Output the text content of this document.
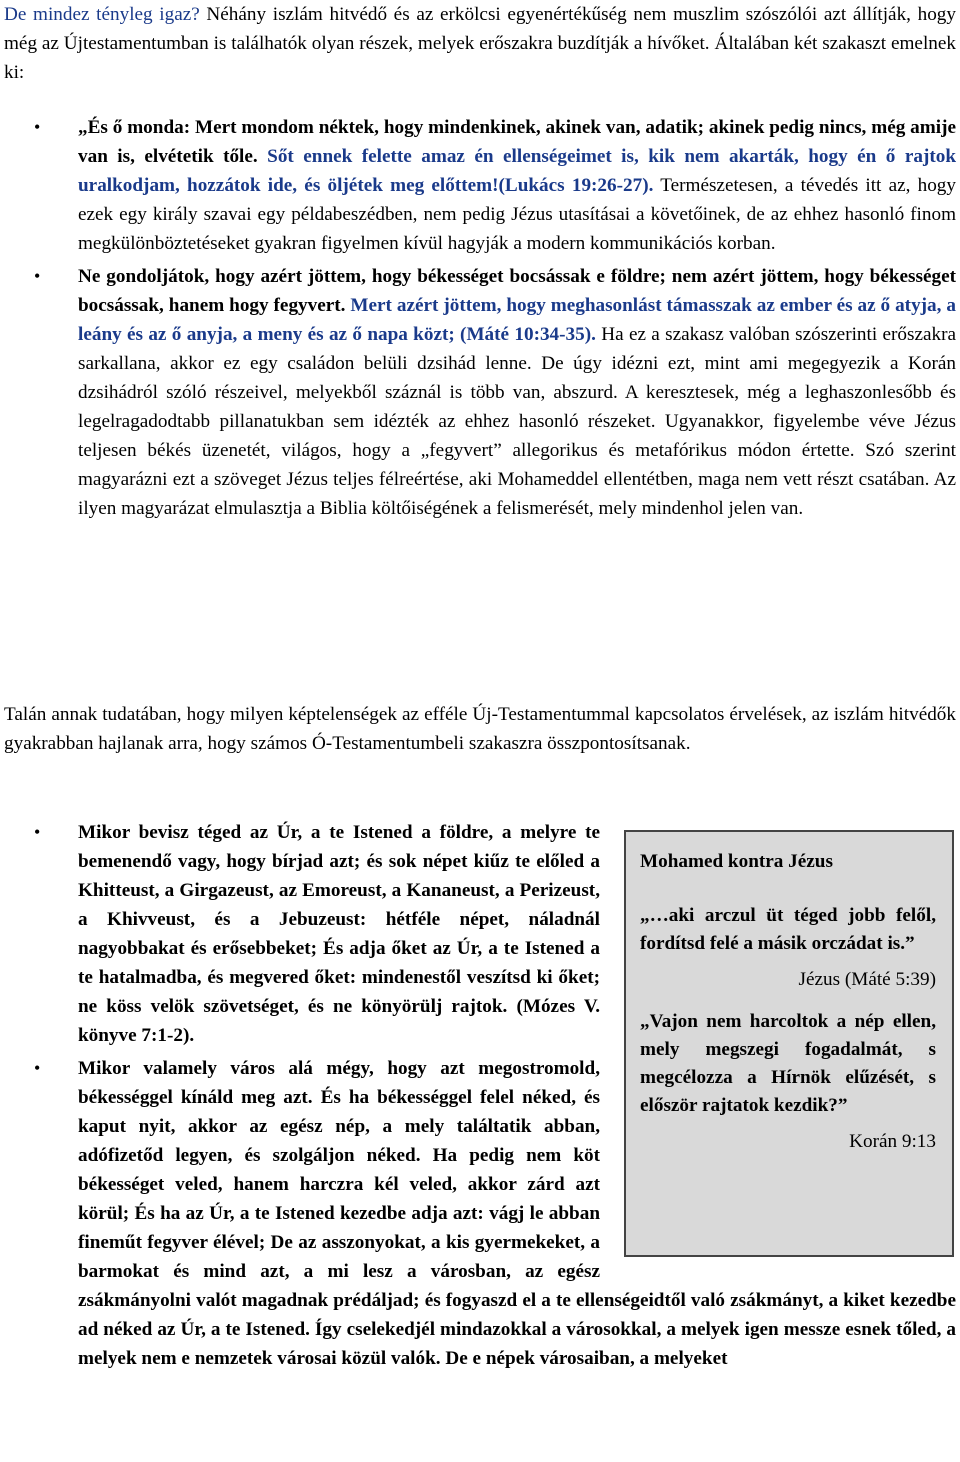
De mindez tényleg igaz? Néhány iszlám hitvédő és az erkölcsi egyenértékűség nem muszlim szószólói azt állítják, hogy még az Újtestamentumban is találhatók olyan részek, melyek erőszakra buzdítják a hívőket. Általában két szakaszt emelnek ki:

• „És ő monda: Mert mondom néktek, hogy mindenkinek, akinek van, adatik; akinek pedig nincs, még amije van is, elvétetik tőle. Sőt ennek felette amaz én ellenségeimet is, kik nem akarták, hogy én ő rajtok uralkodjam, hozzátok ide, és öljétek meg előttem!(Lukács 19:26-27). Természetesen, a tévedés itt az, hogy ezek egy király szavai egy példabeszédben, nem pedig Jézus utasításai a követőinek, de az ehhez hasonló finom megkülönböztetéseket gyakran figyelmen kívül hagyják a modern kommunikációs korban.

• Ne gondoljátok, hogy azért jöttem, hogy békességet bocsássak e földre; nem azért jöttem, hogy békességet bocsássak, hanem hogy fegyvert. Mert azért jöttem, hogy meghasonlást támasszak az ember és az ő atyja, a leány és az ő anyja, a meny és az ő napa közt; (Máté 10:34-35). Ha ez a szakasz valóban szószerinti erőszakra sarkallana, akkor ez egy családon belüli dzsihád lenne. De úgy idézni ezt, mint ami megegyezik a Korán dzsihádról szóló részeivel, melyekből száznál is több van, abszurd. A keresztesek, még a leghaszonlesőbb és legelragadodtabb pillanatukban sem idézték az ehhez hasonló részeket. Ugyanakkor, figyelembe véve Jézus teljesen békés üzenetét, világos, hogy a „fegyvert” allegorikus és metafórikus módon értette. Szó szerint magyarázni ezt a szöveget Jézus teljes félreértése, aki Mohameddel ellentétben, maga nem vett részt csatában. Az ilyen magyarázat elmulasztja a Biblia költőiségének a felismerését, mely mindenhol jelen van.

Talán annak tudatában, hogy milyen képtelenségek az efféle Új-Testamentummal kapcsolatos érvelések, az iszlám hitvédők gyakrabban hajlanak arra, hogy számos Ó-Testamentumbeli szakaszra összpontosítsanak.

Mohamed kontra Jézus

„…aki arczul üt téged jobb felől, fordítsd felé a másik orczádat is.”

Jézus (Máté 5:39)

„Vajon nem harcoltok a nép ellen, mely megszegi fogadalmát, s megcélozza a Hírnök elűzését, s először rajtatok kezdik?”

Korán 9:13
• Mikor bevisz téged az Úr, a te Istened a földre, a melyre te bemenendő vagy, hogy bírjad azt; és sok népet kiűz te előled a Khitteust, a Girgazeust, az Emoreust, a Kananeust, a Perizeust, a Khivveust, és a Jebuzeust: hétféle népet, náladnál nagyobbakat és erősebbeket; És adja őket az Úr, a te Istened a te hatalmadba, és megvered őket: mindenestől veszítsd ki őket; ne köss velök szövetséget, és ne könyörülj rajtok. (Mózes V. könyve 7:1-2).

• Mikor valamely város alá mégy, hogy azt megostromold, békességgel kínáld meg azt. És ha békességgel felel néked, és kaput nyit, akkor az egész nép, a mely találtatik abban, adófizetőd legyen, és szolgáljon néked. Ha pedig nem köt békességet veled, hanem harczra kél veled, akkor zárd azt körül; És ha az Úr, a te Istened kezedbe adja azt: vágj le abban fineműt fegyver élével; De az asszonyokat, a kis gyermekeket, a barmokat és mind azt, a mi lesz a városban, az egész zsákmányolni valót magadnak prédáljad; és fogyaszd el a te ellenségeidtől való zsákmányt, a kiket kezedbe ad néked az Úr, a te Istened. Így cselekedjél mindazokkal a városokkal, a melyek igen messze esnek tőled, a melyek nem e nemzetek városai közül valók. De e népek városaiban, a melyeket
